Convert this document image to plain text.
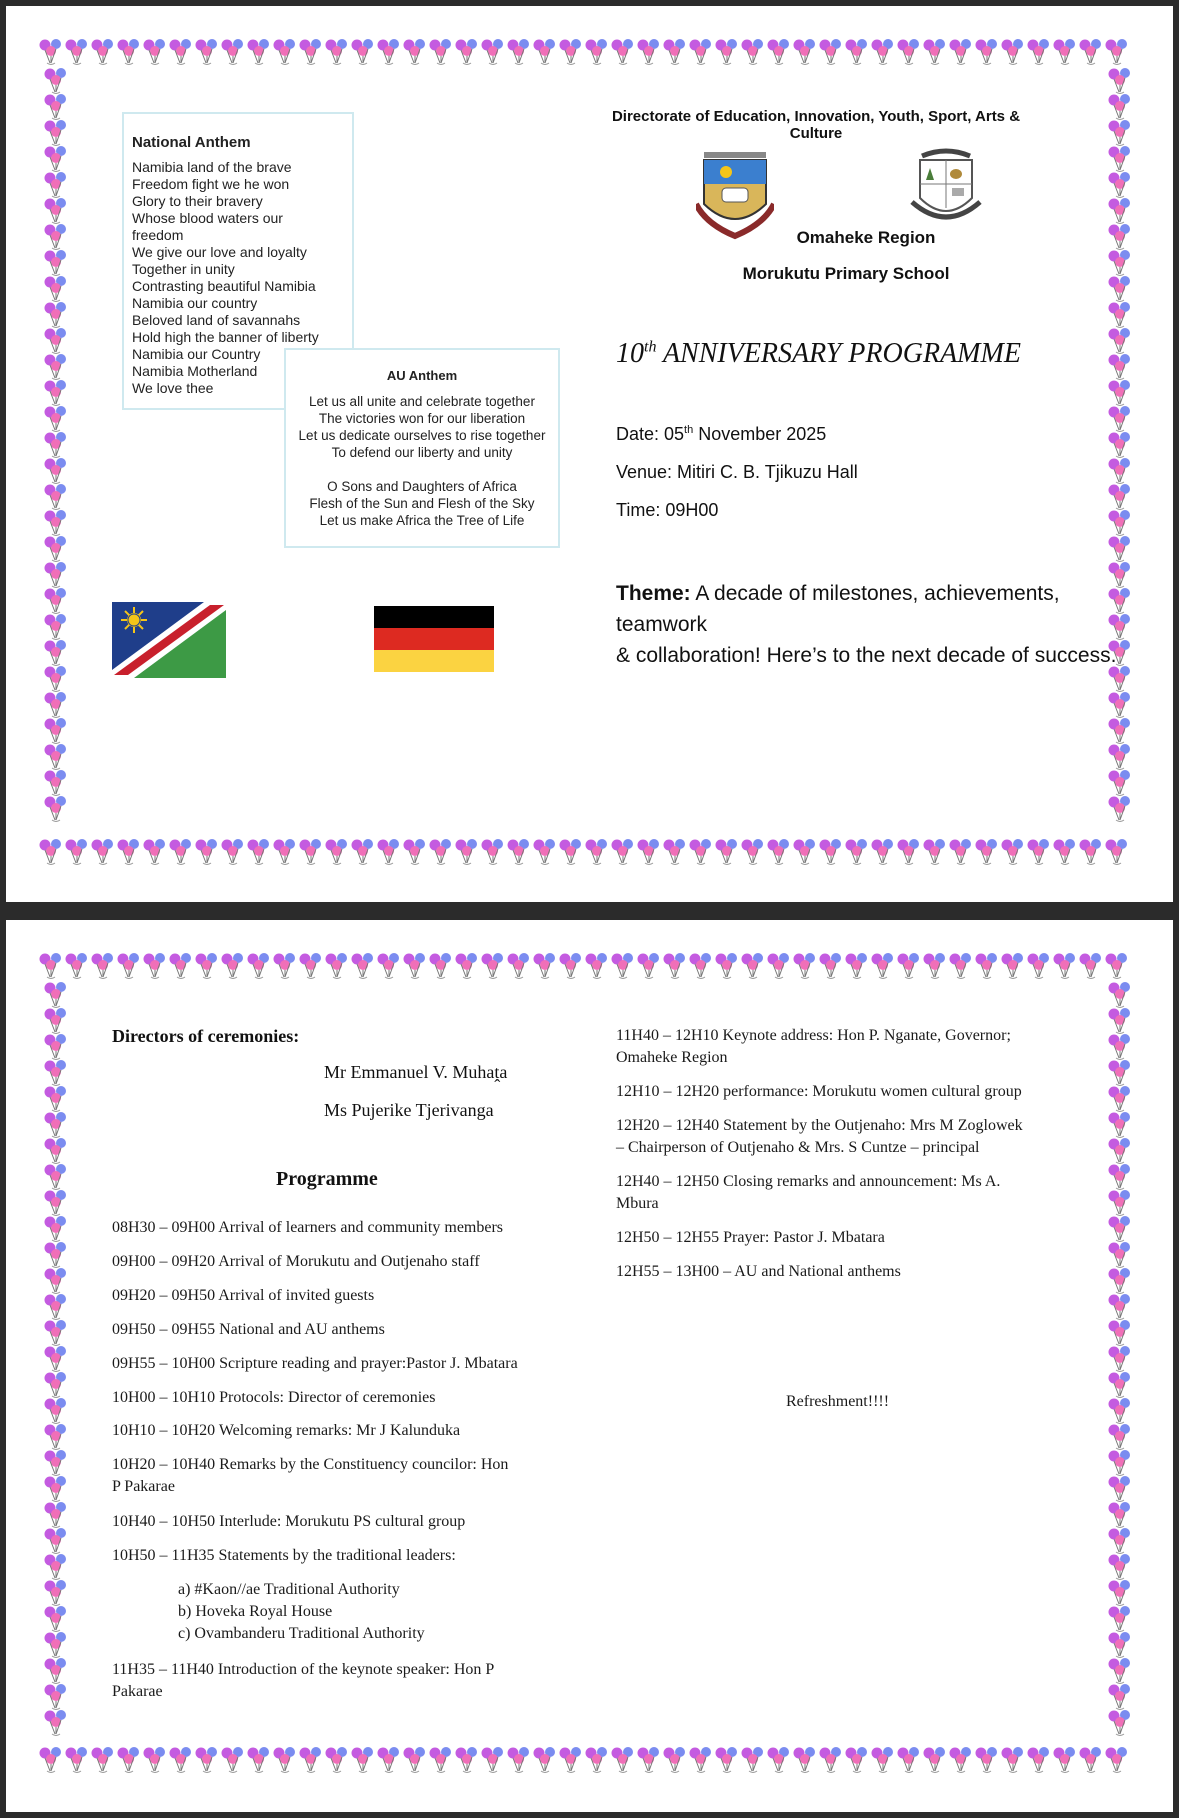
National Anthem
Namibia land of the brave
Freedom fight we he won
Glory to their bravery
Whose blood waters our
freedom
We give our love and loyalty
Together in unity
Contrasting beautiful Namibia
Namibia our country
Beloved land of savannahs
Hold high the banner of liberty
Namibia our Country
Namibia Motherland
We love thee
AU Anthem
Let us all unite and celebrate together
The victories won for our liberation
Let us dedicate ourselves to rise together
To defend our liberty and unity
O Sons and Daughters of Africa
Flesh of the Sun and Flesh of the Sky
Let us make Africa the Tree of Life
Directorate of Education, Innovation, Youth, Sport, Arts & Culture
Omaheke Region
Morukutu Primary School
10th ANNIVERSARY PROGRAMME
Date: 05th November 2025
Venue: Mitiri C. B. Tjikuzu Hall
Time: 09H00
Theme: A decade of milestones, achievements, teamwork
& collaboration! Here’s to the next decade of success.
Directors of ceremonies:
Mr Emmanuel V. Muhaṱa
Ms Pujerike Tjerivanga
Programme
08H30 – 09H00 Arrival of learners and community members
09H00 – 09H20 Arrival of Morukutu and Outjenaho staff
09H20 – 09H50 Arrival of invited guests
09H50 – 09H55 National and AU anthems
09H55 – 10H00 Scripture reading and prayer:Pastor J. Mbatara
10H00 – 10H10 Protocols: Director of ceremonies
10H10 – 10H20 Welcoming remarks: Mr J Kalunduka
10H20 – 10H40 Remarks by the Constituency councilor: Hon
P Pakarae
10H40 – 10H50 Interlude: Morukutu PS cultural group
10H50 – 11H35 Statements by the traditional leaders:
a) #Kaon//ae Traditional Authority
b) Hoveka Royal House
c) Ovambanderu Traditional Authority
11H35 – 11H40 Introduction of the keynote speaker: Hon P
Pakarae
11H40 – 12H10 Keynote address: Hon P. Nganate, Governor;
Omaheke Region
12H10 – 12H20 performance: Morukutu women cultural group
12H20 – 12H40 Statement by the Outjenaho: Mrs M Zoglowek
– Chairperson of Outjenaho & Mrs. S Cuntze – principal
12H40 – 12H50 Closing remarks and announcement: Ms A.
Mbura
12H50 – 12H55 Prayer: Pastor J. Mbatara
12H55 – 13H00 – AU and National anthems
Refreshment!!!!
